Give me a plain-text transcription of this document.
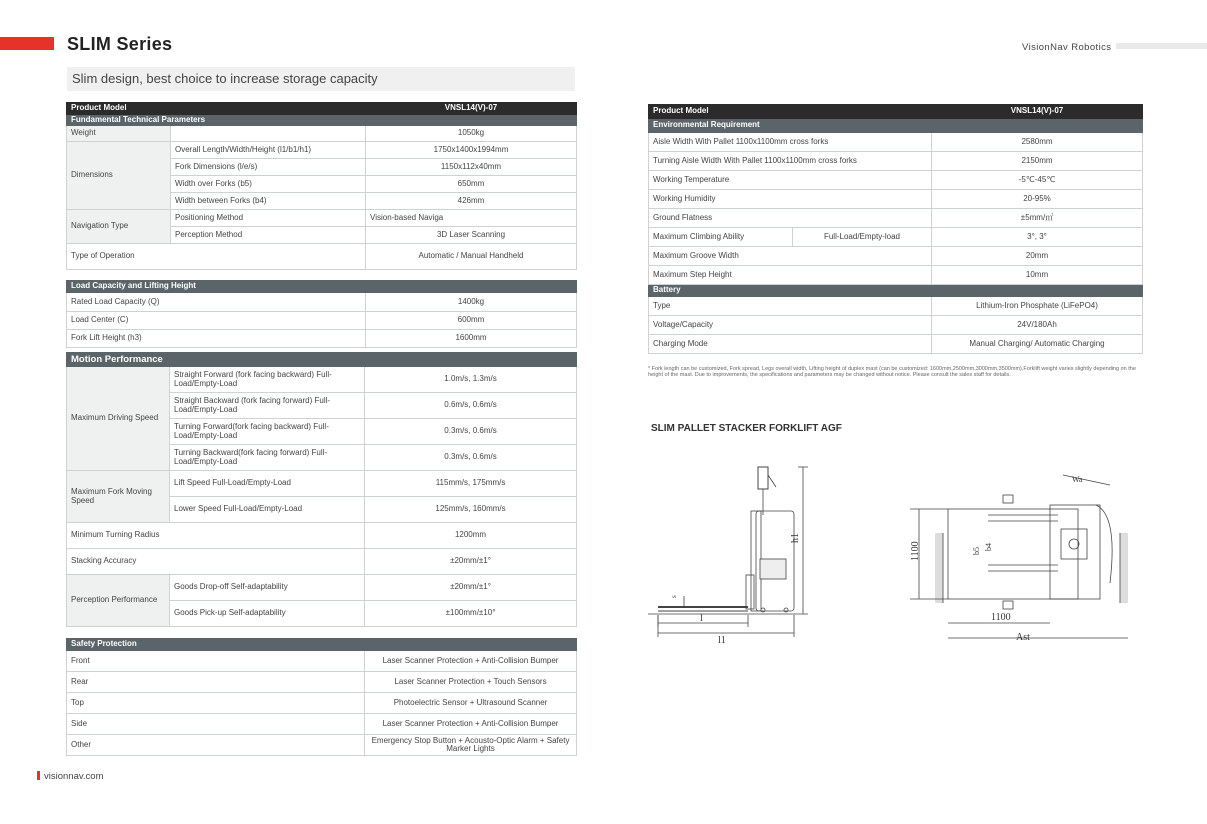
SLIM Series	VisionNav Robotics
Slim design, best choice to increase storage capacity
Product Model		VNSL14(V)-07
Fundamental Technical Parameters		
Weight		1050kg
Dimensions	Overall Length/Width/Height (l1/b1/h1)	1750x1400x1994mm
	Fork Dimensions (l/e/s)	1150x112x40mm
	Width over Forks (b5)	650mm
	Width between Forks (b4)	426mm
Navigation Type	Positioning Method	Vision-based Naviga
	Perception Method	3D Laser Scanning
Type of Operation		Automatic / Manual Handheld
Load Capacity and Lifting Height	
Rated Load Capacity (Q)	1400kg
Load Center (C)	600mm
Fork Lift Height (h3)	1600mm
Motion Performance		
Maximum Driving Speed	Straight Forward (fork facing backward) Full-Load/Empty-Load	1.0m/s, 1.3m/s
	Straight Backward (fork facing forward) Full-Load/Empty-Load	0.6m/s, 0.6m/s
	Turning Forward(fork facing backward) Full-Load/Empty-Load	0.3m/s, 0.6m/s
	Turning Backward(fork facing forward) Full-Load/Empty-Load	0.3m/s, 0.6m/s
Maximum Fork Moving Speed	Lift Speed Full-Load/Empty-Load	115mm/s, 175mm/s
	Lower Speed Full-Load/Empty-Load	125mm/s, 160mm/s
Minimum Turning Radius		1200mm
Stacking Accuracy		±20mm/±1°
Perception Performance	Goods Drop-off Self-adaptability	±20mm/±1°
	Goods Pick-up Self-adaptability	±100mm/±10°
Safety Protection	
Front	Laser Scanner Protection + Anti-Collision Bumper
Rear	Laser Scanner Protection + Touch Sensors
Top	Photoelectric Sensor + Ultrasound Scanner
Side	Laser Scanner Protection + Anti-Collision Bumper
Other	Emergency Stop Button + Acousto-Optic Alarm + Safety Marker Lights
Product Model		VNSL14(V)-07
Environmental Requirement		
Aisle Width With Pallet 1100x1100mm cross forks		2580mm
Turning Aisle Width With Pallet 1100x1100mm cross forks		2150mm
Working Temperature		-5℃-45℃
Working Humidity		20-95%
Ground Flatness		±5mm/㎡
Maximum Climbing Ability	Full-Load/Empty-load	3°, 3°
Maximum Groove Width		20mm
Maximum Step Height		10mm
Battery		
Type		Lithium-Iron Phosphate (LiFePO4)
Voltage/Capacity		24V/180Ah
Charging Mode		Manual Charging/ Automatic Charging
* Fork length can be customized, Fork spread, Legs overall width, Lifting height of duplex mast (can be customized: 1600mm,2500mm,3000mm,3500mm),Forklift weight varies slightly depending on the height of the mast. Due to improvements, the specifications and parameters may be changed without notice. Please consult the sales staff for details.
SLIM PALLET STACKER FORKLIFT AGF
h1
s
l
l1
1100
1100
b5 b4
Wa
Ast
visionnav.com
